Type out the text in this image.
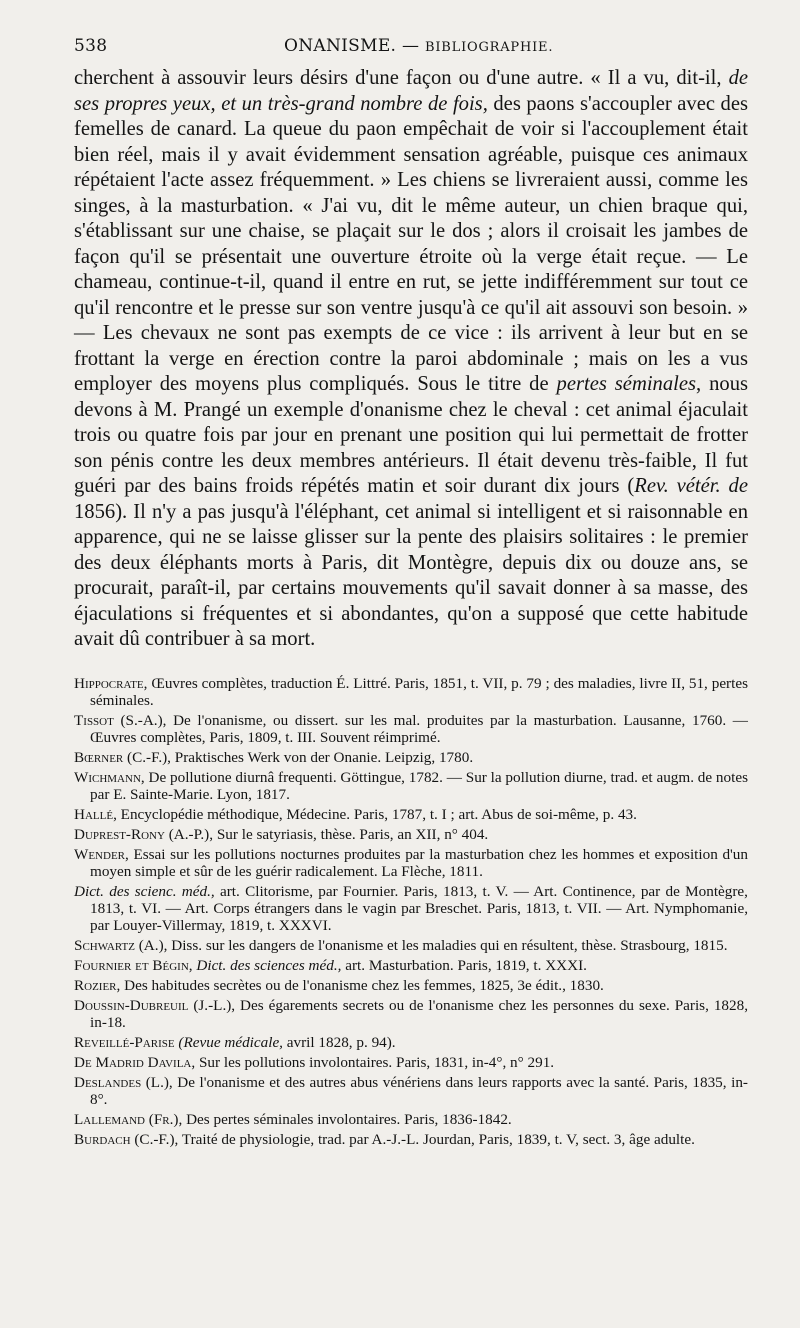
538	ONANISME. — BIBLIOGRAPHIE.

cherchent à assouvir leurs désirs d'une façon ou d'une autre. « Il a vu, dit-il, de ses propres yeux, et un très-grand nombre de fois, des paons s'accoupler avec des femelles de canard. La queue du paon empêchait de voir si l'accouplement était bien réel, mais il y avait évidemment sensation agréable, puisque ces animaux répétaient l'acte assez fréquemment. » Les chiens se livreraient aussi, comme les singes, à la masturbation. « J'ai vu, dit le même auteur, un chien braque qui, s'établissant sur une chaise, se plaçait sur le dos ; alors il croisait les jambes de façon qu'il se présentait une ouverture étroite où la verge était reçue. — Le chameau, continue-t-il, quand il entre en rut, se jette indifféremment sur tout ce qu'il rencontre et le presse sur son ventre jusqu'à ce qu'il ait assouvi son besoin. » — Les chevaux ne sont pas exempts de ce vice : ils arrivent à leur but en se frottant la verge en érection contre la paroi abdominale ; mais on les a vus employer des moyens plus compliqués. Sous le titre de pertes séminales, nous devons à M. Prangé un exemple d'onanisme chez le cheval : cet animal éjaculait trois ou quatre fois par jour en prenant une position qui lui permettait de frotter son pénis contre les deux membres antérieurs. Il était devenu très-faible, Il fut guéri par des bains froids répétés matin et soir durant dix jours (Rev. vétér. de 1856). Il n'y a pas jusqu'à l'éléphant, cet animal si intelligent et si raisonnable en apparence, qui ne se laisse glisser sur la pente des plaisirs solitaires : le premier des deux éléphants morts à Paris, dit Montègre, depuis dix ou douze ans, se procurait, paraît-il, par certains mouvements qu'il savait donner à sa masse, des éjaculations si fréquentes et si abondantes, qu'on a supposé que cette habitude avait dû contribuer à sa mort.

Hippocrate, Œuvres complètes, traduction É. Littré. Paris, 1851, t. VII, p. 79 ; des maladies, livre II, 51, pertes séminales.

Tissot (S.-A.), De l'onanisme, ou dissert. sur les mal. produites par la masturbation. Lausanne, 1760. — Œuvres complètes, Paris, 1809, t. III. Souvent réimprimé.

Bœrner (C.-F.), Praktisches Werk von der Onanie. Leipzig, 1780.

Wichmann, De pollutione diurnâ frequenti. Göttingue, 1782. — Sur la pollution diurne, trad. et augm. de notes par E. Sainte-Marie. Lyon, 1817.

Hallé, Encyclopédie méthodique, Médecine. Paris, 1787, t. I ; art. Abus de soi-même, p. 43.

Duprest-Rony (A.-P.), Sur le satyriasis, thèse. Paris, an XII, n° 404.

Wender, Essai sur les pollutions nocturnes produites par la masturbation chez les hommes et exposition d'un moyen simple et sûr de les guérir radicalement. La Flèche, 1811.

Dict. des scienc. méd., art. Clitorisme, par Fournier. Paris, 1813, t. V. — Art. Continence, par de Montègre, 1813, t. VI. — Art. Corps étrangers dans le vagin par Breschet. Paris, 1813, t. VII. — Art. Nymphomanie, par Louyer-Villermay, 1819, t. XXXVI.

Schwartz (A.), Diss. sur les dangers de l'onanisme et les maladies qui en résultent, thèse. Strasbourg, 1815.

Fournier et Bégin, Dict. des sciences méd., art. Masturbation. Paris, 1819, t. XXXI.

Rozier, Des habitudes secrètes ou de l'onanisme chez les femmes, 1825, 3e édit., 1830.

Doussin-Dubreuil (J.-L.), Des égarements secrets ou de l'onanisme chez les personnes du sexe. Paris, 1828, in-18.

Reveillé-Parise (Revue médicale, avril 1828, p. 94).

De Madrid Davila, Sur les pollutions involontaires. Paris, 1831, in-4°, n° 291.

Deslandes (L.), De l'onanisme et des autres abus vénériens dans leurs rapports avec la santé. Paris, 1835, in-8°.

Lallemand (Fr.), Des pertes séminales involontaires. Paris, 1836-1842.

Burdach (C.-F.), Traité de physiologie, trad. par A.-J.-L. Jourdan, Paris, 1839, t. V, sect. 3, âge adulte.
